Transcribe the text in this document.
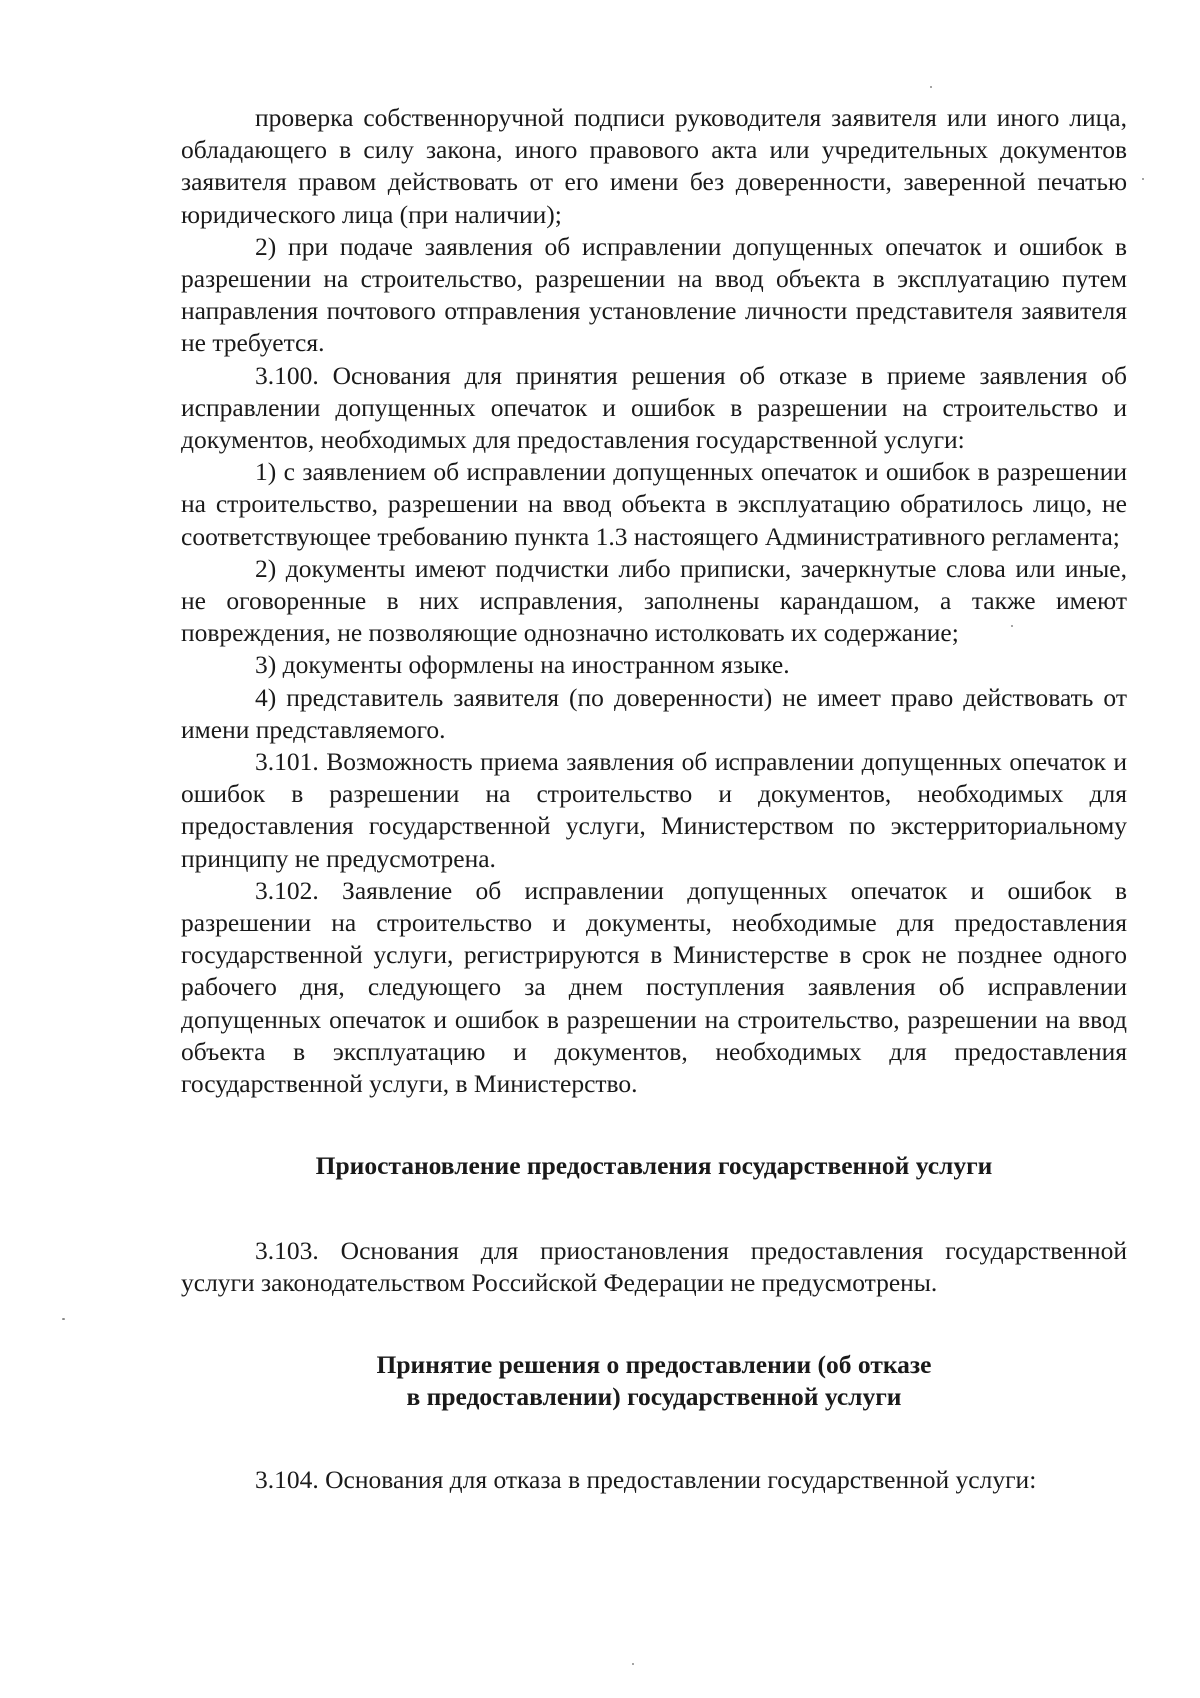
проверка собственноручной подписи руководителя заявителя или иного лица, обладающего в силу закона, иного правового акта или учредительных документов заявителя правом действовать от его имени без доверенности, заверенной печатью юридического лица (при наличии);

2) при подаче заявления об исправлении допущенных опечаток и ошибок в разрешении на строительство, разрешении на ввод объекта в эксплуатацию путем направления почтового отправления установление личности представителя заявителя не требуется.

3.100. Основания для принятия решения об отказе в приеме заявления об исправлении допущенных опечаток и ошибок в разрешении на строительство и документов, необходимых для предоставления государственной услуги:

1) с заявлением об исправлении допущенных опечаток и ошибок в разрешении на строительство, разрешении на ввод объекта в эксплуатацию обратилось лицо, не соответствующее требованию пункта 1.3 настоящего Административного регламента;

2) документы имеют подчистки либо приписки, зачеркнутые слова или иные, не оговоренные в них исправления, заполнены карандашом, а также имеют повреждения, не позволяющие однозначно истолковать их содержание;

3) документы оформлены на иностранном языке.

4) представитель заявителя (по доверенности) не имеет право действовать от имени представляемого.

3.101. Возможность приема заявления об исправлении допущенных опечаток и ошибок в разрешении на строительство и документов, необходимых для предоставления государственной услуги, Министерством по экстерриториальному принципу не предусмотрена.

3.102. Заявление об исправлении допущенных опечаток и ошибок в разрешении на строительство и документы, необходимые для предоставления государственной услуги, регистрируются в Министерстве в срок не позднее одного рабочего дня, следующего за днем поступления заявления об исправлении допущенных опечаток и ошибок в разрешении на строительство, разрешении на ввод объекта в эксплуатацию и документов, необходимых для предоставления государственной услуги, в Министерство.

Приостановление предоставления государственной услуги

3.103. Основания для приостановления предоставления государственной услуги законодательством Российской Федерации не предусмотрены.

Принятие решения о предоставлении (об отказе
в предоставлении) государственной услуги

3.104. Основания для отказа в предоставлении государственной услуги:
